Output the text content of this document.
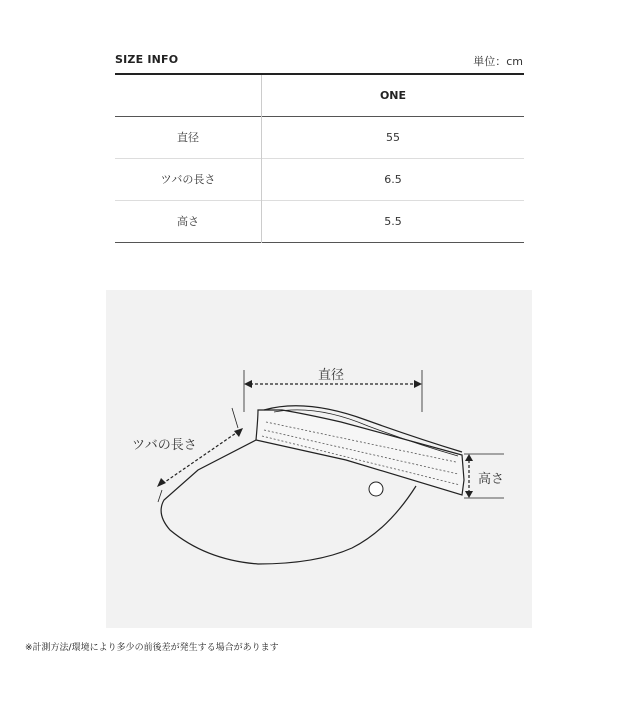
SIZE INFO	単位：cm
	ONE
直径	55
ツバの長さ	6.5
高さ	5.5
直径
ツバの長さ
高さ
※計測方法/環境により多少の前後差が発生する場合があります
